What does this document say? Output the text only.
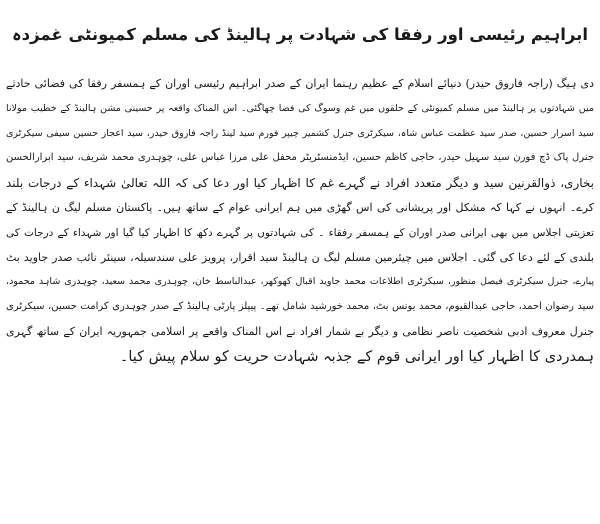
ابراہیم رئیسی اور رفقا کی شہادت پر ہالینڈ کی مسلم کمیونٹی غمزدہ
دی ہیگ (راجہ فاروق حیدر) دنیائے اسلام کے عظیم رہنما ایران کے صدر ابراہیم رئیسی اوران کے ہمسفر رفقا کی فضائی حادثے
میں شہادتوں پر ہالینڈ میں مسلم کمیونٹی کے حلقوں میں غم وسوگ کی فضا چھاگئی۔ اس المناک واقعہ پر حسینی مشن ہالینڈ کے خطیب مولانا
سید اسرار حسین، صدر سید عظمت عباس شاہ، سیکرٹری جنرل کشمیر چیپر فورم سید لینڈ راجہ فاروق حیدر، سید اعجاز حسین سیفی سیکرٹری
جنرل پاک ڈچ فورن سید سہیل حیدر، حاجی کاظم حسین، ایڈمنسٹریٹر محفل علی مرزا عباس علی، چوہدری محمد شریف، سید ابرارالحسن
بخاری، ذوالقرنین سید و دیگر متعدد افراد نے گہرے غم کا اظہار کیا اور دعا کی کہ اللہ تعالیٰ شہداء کے درجات بلند
کرے۔ انہوں نے کہا کہ مشکل اور پریشانی کی اس گھڑی میں ہم ایرانی عوام کے ساتھ ہیں۔ پاکستان مسلم لیگ ن ہالینڈ کے
تعزیتی اجلاس میں بھی ایرانی صدر اوران کے ہمسفر رفقاء ۔ کی شہادتوں پر گہرے دکھ کا اظہار کیا گیا اور شہداء کے درجات کی
بلندی کے لئے دعا کی گئی۔ اجلاس میں چیئرمین مسلم لیگ ن ہالینڈ سید اقرار، پرویز علی سندسیلہ، سینئر نائب صدر جاوید بٹ
پیارے، جنرل سیکرٹری فیصل منظور، سیکرٹری اطلاعات محمد جاوید اقبال کھوکھر، عبدالباسط خان، چوہدری محمد سعید، چوہدری شاہد محمود،
سید رضوان احمد، حاجی عبدالقیوم، محمد یونس بٹ، محمد خورشید شامل تھے۔ پیپلز پارٹی ہالینڈ کے صدر چوہدری کرامت حسین، سیکرٹری
جنرل معروف ادبی شخصیت ناصر نظامی و دیگر بے شمار افراد نے اس المناک واقعے پر اسلامی جمہوریہ ایران کے ساتھ گہری
ہمدردی کا اظہار کیا اور ایرانی قوم کے جذبہ شہادت حریت کو سلام پیش کیا۔
